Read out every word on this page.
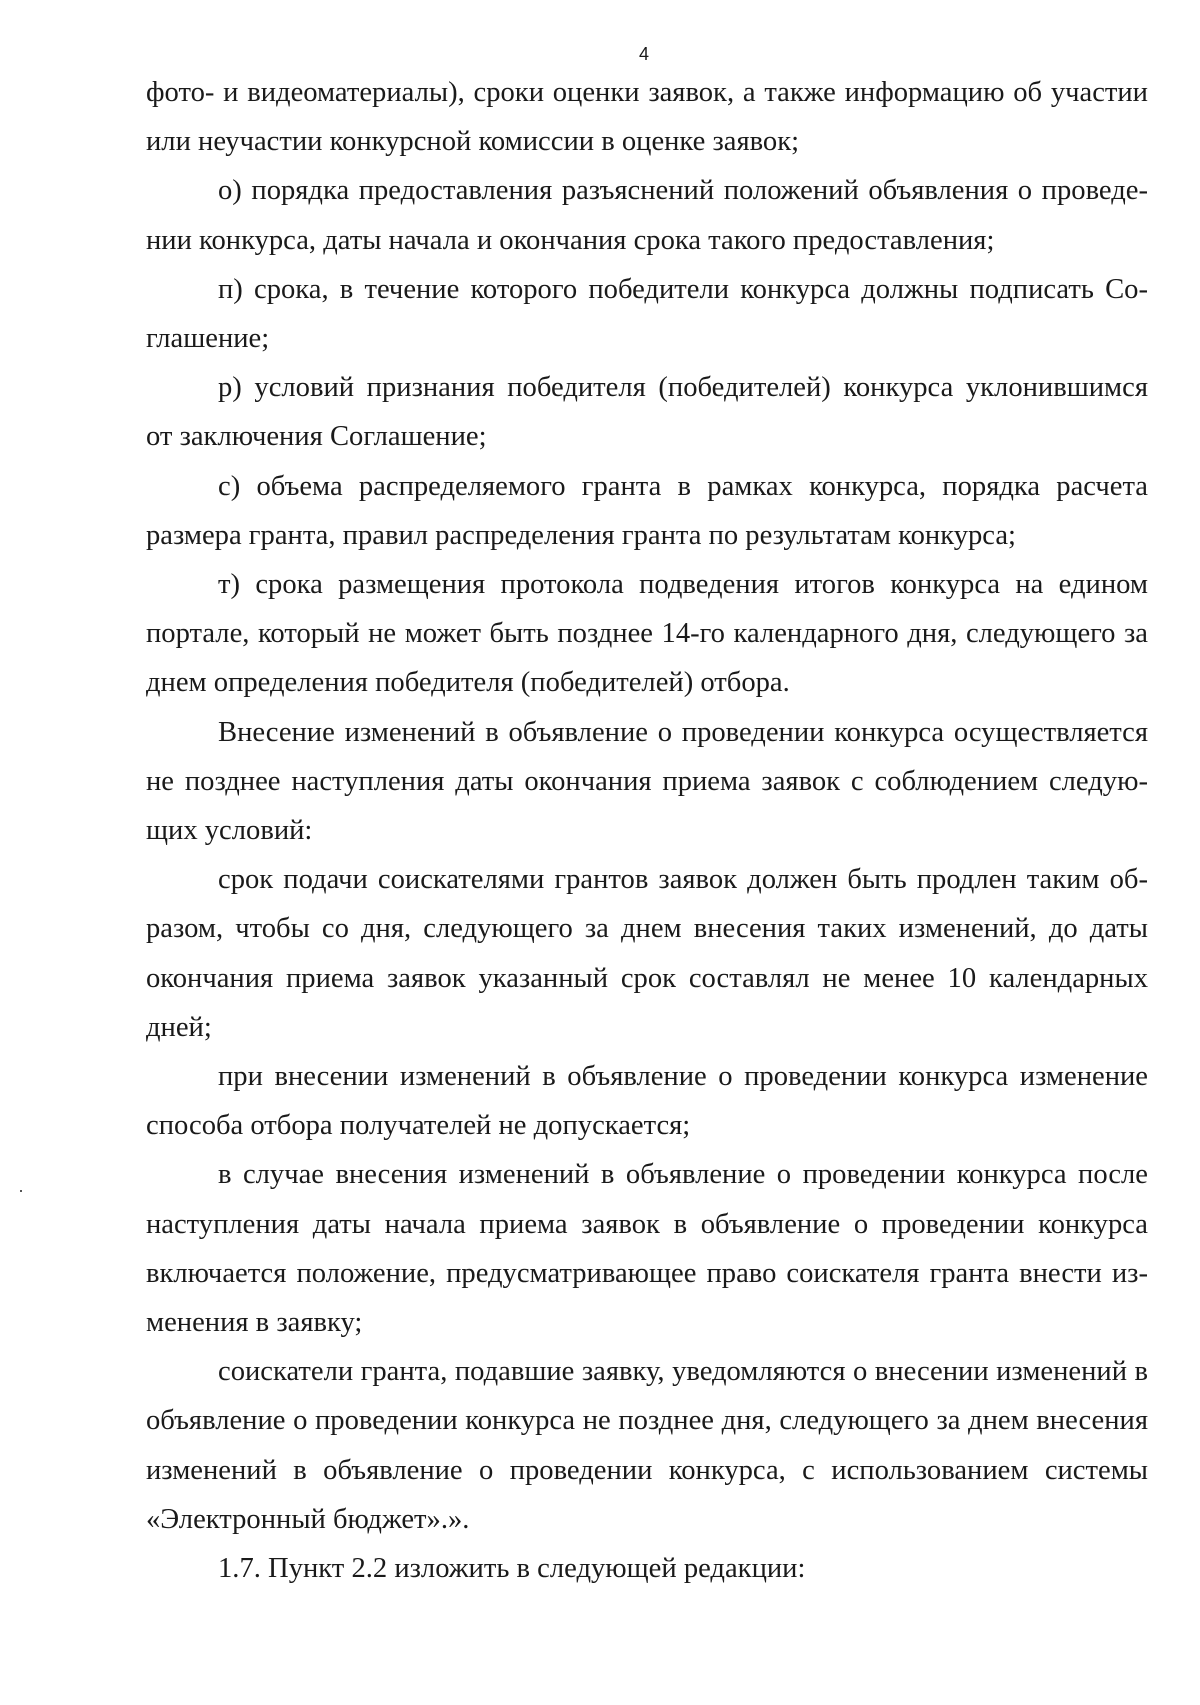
4

фото- и видеоматериалы), сроки оценки заявок, а также информацию об участии или неучастии конкурсной комиссии в оценке заявок;

о) порядка предоставления разъяснений положений объявления о проведении конкурса, даты начала и окончания срока такого предоставления;

п) срока, в течение которого победители конкурса должны подписать Соглашение;

р) условий признания победителя (победителей) конкурса уклонившимся от заключения Соглашение;

с) объема распределяемого гранта в рамках конкурса, порядка расчета размера гранта, правил распределения гранта по результатам конкурса;

т) срока размещения протокола подведения итогов конкурса на едином портале, который не может быть позднее 14-го календарного дня, следующего за днем определения победителя (победителей) отбора.

Внесение изменений в объявление о проведении конкурса осуществляется не позднее наступления даты окончания приема заявок с соблюдением следующих условий:

срок подачи соискателями грантов заявок должен быть продлен таким образом, чтобы со дня, следующего за днем внесения таких изменений, до даты окончания приема заявок указанный срок составлял не менее 10 календарных дней;

при внесении изменений в объявление о проведении конкурса изменение способа отбора получателей не допускается;

в случае внесения изменений в объявление о проведении конкурса после наступления даты начала приема заявок в объявление о проведении конкурса включается положение, предусматривающее право соискателя гранта внести изменения в заявку;

соискатели гранта, подавшие заявку, уведомляются о внесении изменений в объявление о проведении конкурса не позднее дня, следующего за днем внесения изменений в объявление о проведении конкурса, с использованием системы «Электронный бюджет».».

1.7. Пункт 2.2 изложить в следующей редакции:
